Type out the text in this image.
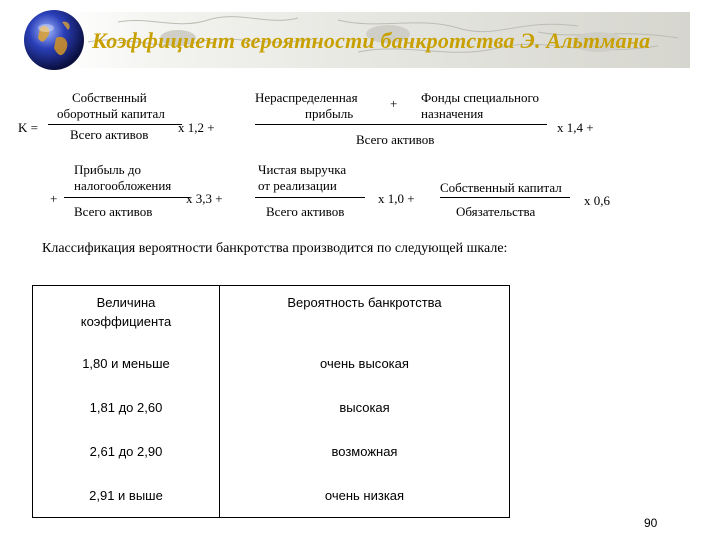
Коэффициент вероятности банкротства Э. Альтмана
K =
Собственный
оборотный капитал
Всего активов x 1,2 +
Нераспределенная
прибыль
+ Фонды специального
назначения
Всего активов
x 1,4 +
+
Прибыль до
налогообложения
Всего активов
x 3,3 +
Чистая выручка
от реализации
Всего активов
x 1,0 +
Собственный капитал
Обязательства
x 0,6
Классификация вероятности банкротства производится по следующей шкале:
Величина
коэффициента	Вероятность банкротства
1,80 и меньше	очень высокая
1,81 до 2,60	высокая
2,61 до 2,90	возможная
2,91 и выше	очень низкая
90
